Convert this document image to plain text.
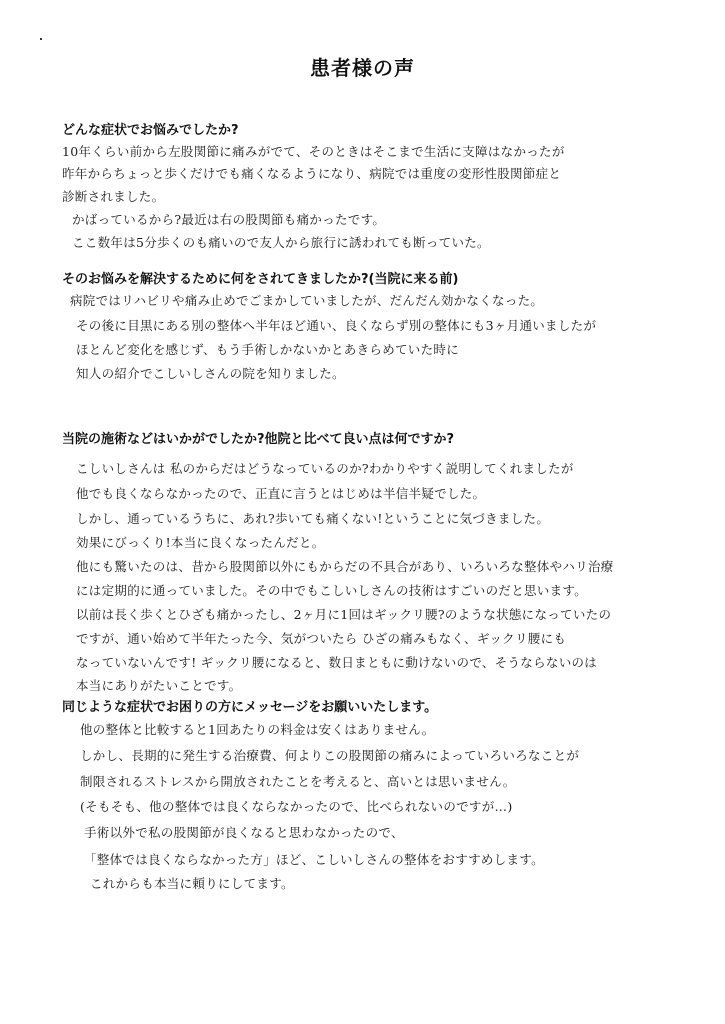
患者様の声
どんな症状でお悩みでしたか?
10年くらい前から左股関節に痛みがでて、そのときはそこまで生活に支障はなかったが
昨年からちょっと歩くだけでも痛くなるようになり、病院では重度の変形性股関節症と
診断されました。
かばっているから?最近は右の股関節も痛かったです。
ここ数年は5分歩くのも痛いので友人から旅行に誘われても断っていた。
そのお悩みを解決するために何をされてきましたか?(当院に来る前)
病院ではリハビリや痛み止めでごまかしていましたが、だんだん効かなくなった。
その後に目黒にある別の整体へ半年ほど通い、良くならず別の整体にも3ヶ月通いましたが
ほとんど変化を感じず、もう手術しかないかとあきらめていた時に
知人の紹介でこしいしさんの院を知りました。
当院の施術などはいかがでしたか?他院と比べて良い点は何ですか?
こしいしさんは 私のからだはどうなっているのか?わかりやすく説明してくれましたが
他でも良くならなかったので、正直に言うとはじめは半信半疑でした。
しかし、通っているうちに、あれ?歩いても痛くない!ということに気づきました。
効果にびっくり!本当に良くなったんだと。
他にも驚いたのは、昔から股関節以外にもからだの不具合があり、いろいろな整体やハリ治療
には定期的に通っていました。その中でもこしいしさんの技術はすごいのだと思います。
以前は長く歩くとひざも痛かったし、2ヶ月に1回はギックリ腰?のような状態になっていたの
ですが、通い始めて半年たった今、気がついたら ひざの痛みもなく、ギックリ腰にも
なっていないんです! ギックリ腰になると、数日まともに動けないので、そうならないのは
本当にありがたいことです。
同じような症状でお困りの方にメッセージをお願いいたします。
他の整体と比較すると1回あたりの料金は安くはありません。
しかし、長期的に発生する治療費、何よりこの股関節の痛みによっていろいろなことが
制限されるストレスから開放されたことを考えると、高いとは思いません。
(そもそも、他の整体では良くならなかったので、比べられないのですが…)
手術以外で私の股関節が良くなると思わなかったので、
「整体では良くならなかった方」ほど、こしいしさんの整体をおすすめします。
これからも本当に頼りにしてます。
